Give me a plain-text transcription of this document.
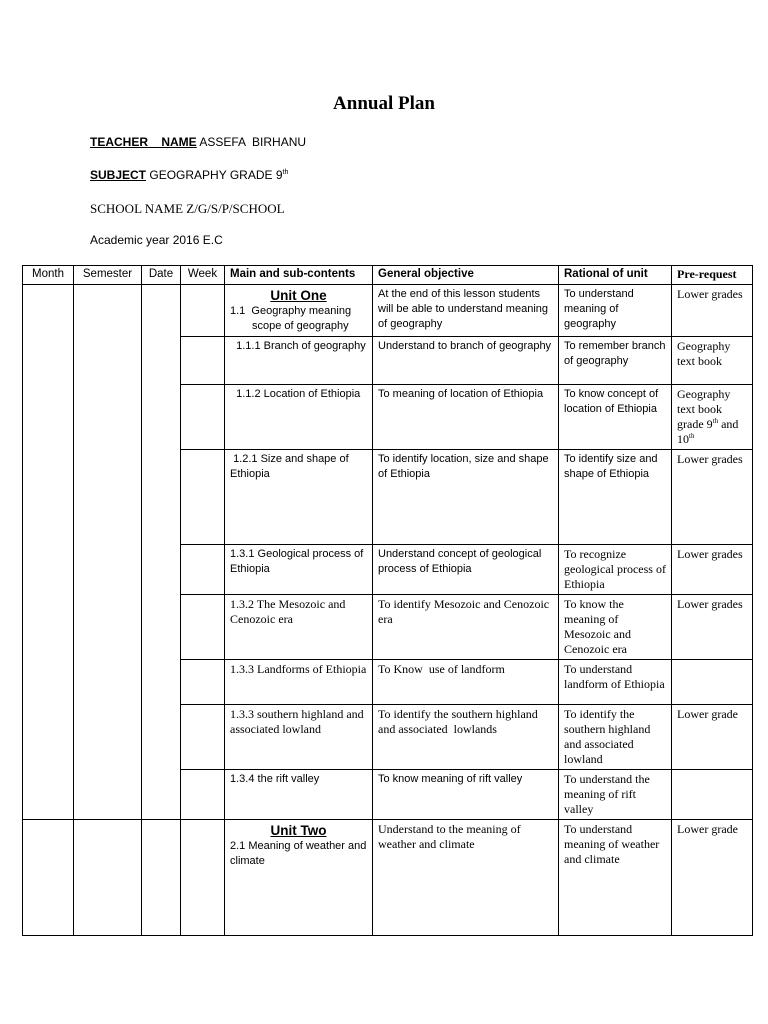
Annual Plan
TEACHER    NAME ASSEFA  BIRHANU
SUBJECT GEOGRAPHY GRADE 9th
SCHOOL NAME Z/G/S/P/SCHOOL
Academic year 2016 E.C
Month	Semester	Date	Week	Main and sub-contents	General objective	Rational of unit	Pre-request

				Unit One
1.1  Geography meaning

scope of geography	At the end of this lesson students will be able to understand meaning of geography	To understand meaning of geography	Lower grades
				1.1.1 Branch of geography	Understand to branch of geography	To remember branch of geography	Geography text book
				1.1.2 Location of Ethiopia	To meaning of location of Ethiopia	To know concept of location of Ethiopia	Geography text book grade 9th and 10th
				1.2.1 Size and shape of Ethiopia	To identify location, size and shape of Ethiopia	To identify size and shape of Ethiopia	Lower grades
				1.3.1 Geological process of Ethiopia	Understand concept of geological process of Ethiopia	To recognize geological process of Ethiopia	Lower grades
				1.3.2 The Mesozoic and Cenozoic era	To identify Mesozoic and Cenozoic era	To know the meaning of Mesozoic and Cenozoic era	Lower grades
				1.3.3 Landforms of Ethiopia	To Know  use of landform	To understand landform of Ethiopia	
				1.3.3 southern highland and associated lowland	To identify the southern highland and associated  lowlands	To identify the southern highland and associated lowland	Lower grade
				1.3.4 the rift valley	To know meaning of rift valley	To understand the meaning of rift valley	

				Unit Two
2.1 Meaning of weather and climate	Understand to the meaning of weather and climate	To understand meaning of weather and climate	Lower grade
